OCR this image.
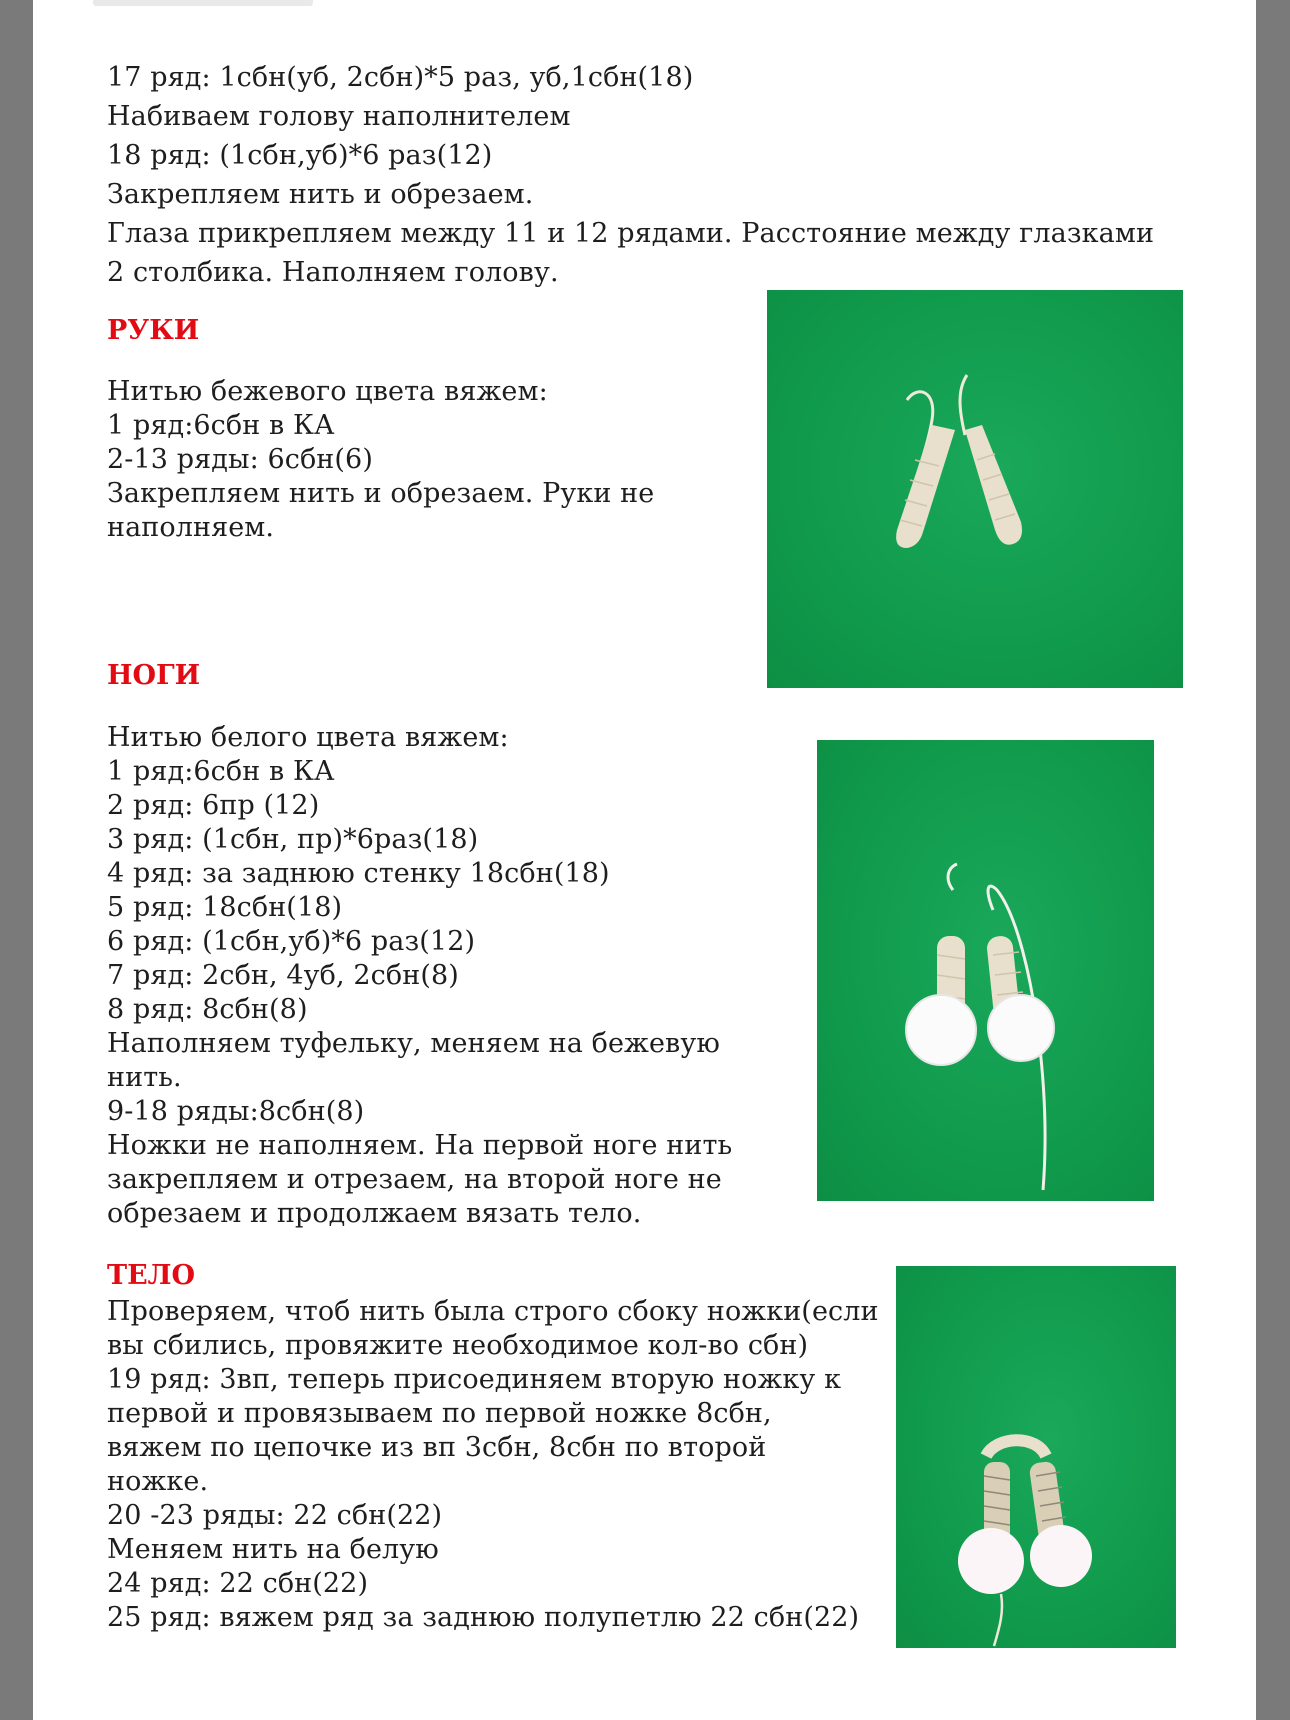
17 ряд: 1сбн(уб, 2сбн)*5 раз, уб,1сбн(18)
Набиваем голову наполнителем
18 ряд: (1сбн,уб)*6 раз(12)
Закрепляем нить и обрезаем.
Глаза прикрепляем между 11 и 12 рядами. Расстояние между глазками
2 столбика. Наполняем голову.
РУКИ
Нитью бежевого цвета вяжем:
1 ряд:6сбн в КА
2-13 ряды: 6сбн(6)
Закрепляем нить и обрезаем. Руки не
наполняем.
НОГИ
Нитью белого цвета вяжем:
1 ряд:6сбн в КА
2 ряд: 6пр (12)
3 ряд: (1сбн, пр)*6раз(18)
4 ряд: за заднюю стенку 18сбн(18)
5 ряд: 18сбн(18)
6 ряд: (1сбн,уб)*6 раз(12)
7 ряд: 2сбн, 4уб, 2сбн(8)
8 ряд: 8сбн(8)
Наполняем туфельку, меняем на бежевую
нить.
9-18 ряды:8сбн(8)
Ножки не наполняем. На первой ноге нить
закрепляем и отрезаем, на второй ноге не
обрезаем и продолжаем вязать тело.
ТЕЛО
Проверяем, чтоб нить была строго сбоку ножки(если
вы сбились, провяжите необходимое кол-во сбн)
19 ряд: 3вп, теперь присоединяем вторую ножку к
первой и провязываем по первой ножке 8сбн,
вяжем по цепочке из вп 3сбн, 8сбн по второй
ножке.
20 -23 ряды: 22 сбн(22)
Меняем нить на белую
24 ряд: 22 сбн(22)
25 ряд: вяжем ряд за заднюю полупетлю 22 сбн(22)
